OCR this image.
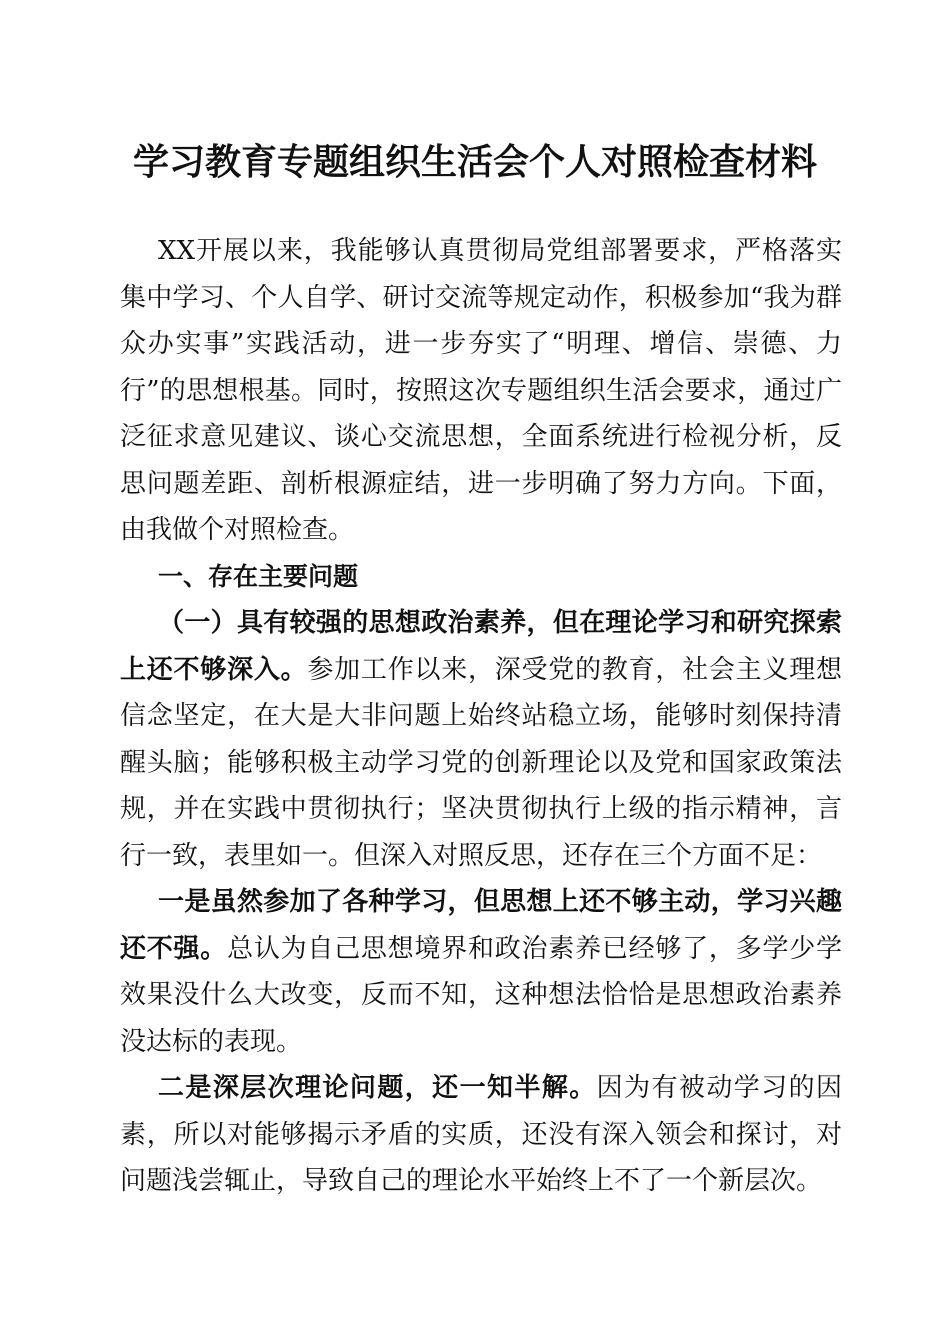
学习教育专题组织生活会个人对照检查材料

XX开展以来，我能够认真贯彻局党组部署要求，严格落实集中学习、个人自学、研讨交流等规定动作，积极参加“我为群众办实事”实践活动，进一步夯实了“明理、增信、崇德、力行”的思想根基。同时，按照这次专题组织生活会要求，通过广泛征求意见建议、谈心交流思想，全面系统进行检视分析，反思问题差距、剖析根源症结，进一步明确了努力方向。下面，由我做个对照检查。

一、存在主要问题

（一）具有较强的思想政治素养，但在理论学习和研究探索上还不够深入。参加工作以来，深受党的教育，社会主义理想信念坚定，在大是大非问题上始终站稳立场，能够时刻保持清醒头脑；能够积极主动学习党的创新理论以及党和国家政策法规，并在实践中贯彻执行；坚决贯彻执行上级的指示精神，言行一致，表里如一。但深入对照反思，还存在三个方面不足：

一是虽然参加了各种学习，但思想上还不够主动，学习兴趣还不强。总认为自己思想境界和政治素养已经够了，多学少学效果没什么大改变，反而不知，这种想法恰恰是思想政治素养没达标的表现。

二是深层次理论问题，还一知半解。因为有被动学习的因素，所以对能够揭示矛盾的实质，还没有深入领会和探讨，对问题浅尝辄止，导致自己的理论水平始终上不了一个新层次。
